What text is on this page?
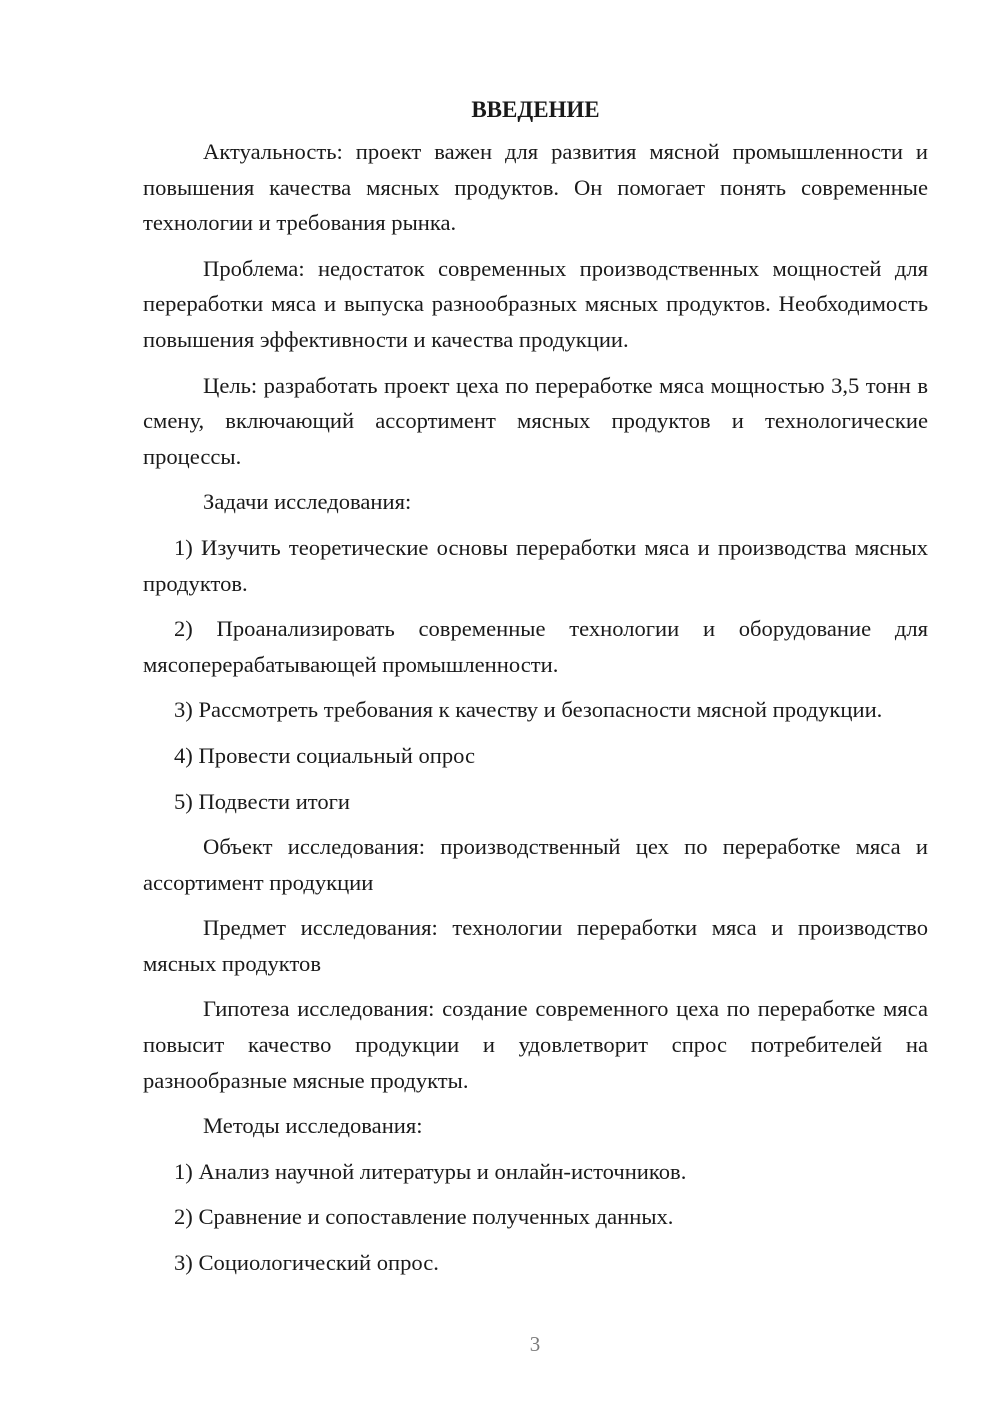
ВВЕДЕНИЕ

Актуальность: проект важен для развития мясной промышленности и повышения качества мясных продуктов. Он помогает понять современные технологии и требования рынка.

Проблема: недостаток современных производственных мощностей для переработки мяса и выпуска разнообразных мясных продуктов. Необходимость повышения эффективности и качества продукции.

Цель: разработать проект цеха по переработке мяса мощностью 3,5 тонн в смену, включающий ассортимент мясных продуктов и технологические процессы.

Задачи исследования:

1) Изучить теоретические основы переработки мяса и производства мясных продуктов.

2) Проанализировать современные технологии и оборудование для мясоперерабатывающей промышленности.

3) Рассмотреть требования к качеству и безопасности мясной продукции.

4) Провести социальный опрос

5) Подвести итоги

Объект исследования: производственный цех по переработке мяса и ассортимент продукции

Предмет исследования: технологии переработки мяса и производство мясных продуктов

Гипотеза исследования: создание современного цеха по переработке мяса повысит качество продукции и удовлетворит спрос потребителей на разнообразные мясные продукты.

Методы исследования:

1) Анализ научной литературы и онлайн-источников.

2) Сравнение и сопоставление полученных данных.

3) Социологический опрос.

3
